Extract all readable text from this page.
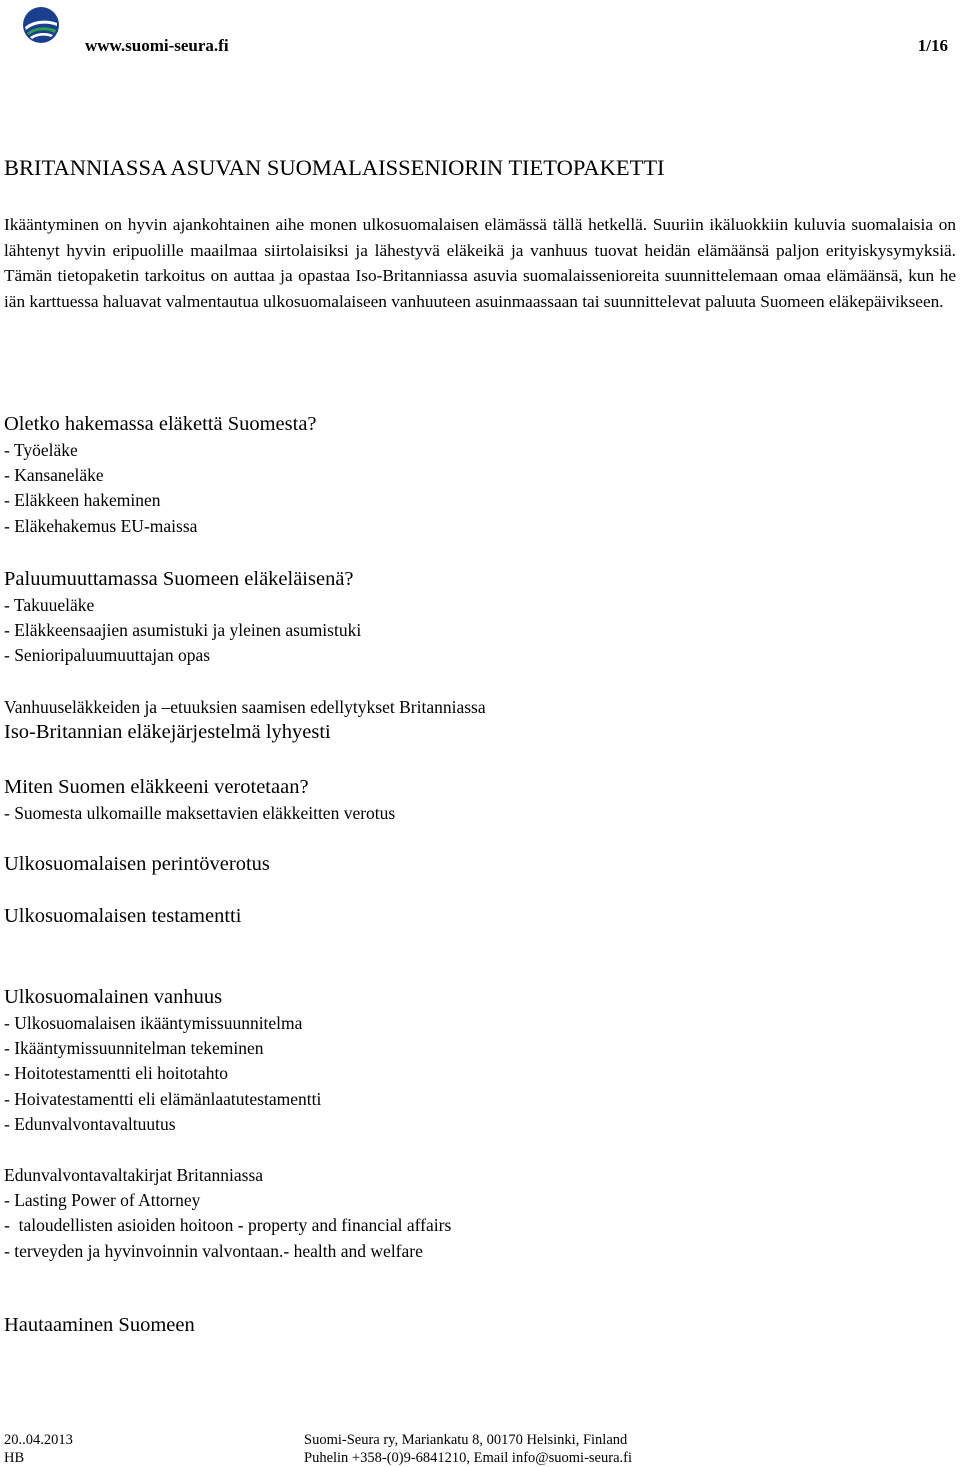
www.suomi-seura.fi	1/16
BRITANNIASSA ASUVAN SUOMALAISSENIORIN TIETOPAKETTI

Ikääntyminen on hyvin ajankohtainen aihe monen ulkosuomalaisen elämässä tällä hetkellä. Suuriin ikäluokkiin kuluvia suomalaisia on lähtenyt hyvin eripuolille maailmaa siirtolaisiksi ja lähestyvä eläkeikä ja vanhuus tuovat heidän elämäänsä paljon erityiskysymyksiä. Tämän tietopaketin tarkoitus on auttaa ja opastaa Iso-Britanniassa asuvia suomalaissenioreita suunnittelemaan omaa elämäänsä, kun he iän karttuessa haluavat valmentautua ulkosuomalaiseen vanhuuteen asuinmaassaan tai suunnittelevat paluuta Suomeen eläkepäivikseen.

Oletko hakemassa eläkettä Suomesta?
- Työeläke
- Kansaneläke
- Eläkkeen hakeminen
- Eläkehakemus EU-maissa
Paluumuuttamassa Suomeen eläkeläisenä?
- Takuueläke
- Eläkkeensaajien asumistuki ja yleinen asumistuki
- Senioripaluumuuttajan opas
Vanhuuseläkkeiden ja –etuuksien saamisen edellytykset Britanniassa
Iso-Britannian eläkejärjestelmä lyhyesti
Miten Suomen eläkkeeni verotetaan?
- Suomesta ulkomaille maksettavien eläkkeitten verotus
Ulkosuomalaisen perintöverotus
Ulkosuomalaisen testamentti
Ulkosuomalainen vanhuus
- Ulkosuomalaisen ikääntymissuunnitelma
- Ikääntymissuunnitelman tekeminen
- Hoitotestamentti eli hoitotahto
- Hoivatestamentti eli elämänlaatutestamentti
- Edunvalvontavaltuutus
Edunvalvontavaltakirjat Britanniassa
- Lasting Power of Attorney
-  taloudellisten asioiden hoitoon - property and financial affairs
- terveyden ja hyvinvoinnin valvontaan.- health and welfare
Hautaaminen Suomeen
20..04.2013
HB
Suomi-Seura ry, Mariankatu 8, 00170 Helsinki, Finland
Puhelin +358-(0)9-6841210, Email info@suomi-seura.fi
